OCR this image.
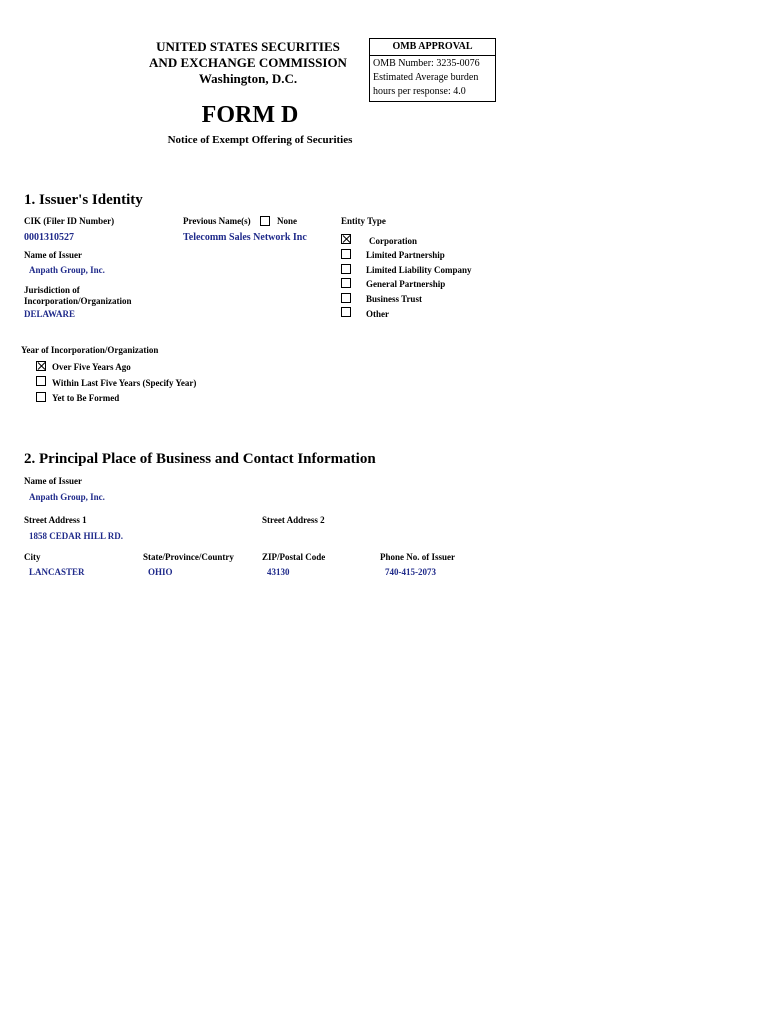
UNITED STATES SECURITIES
AND EXCHANGE COMMISSION
Washington, D.C.
OMB APPROVAL
OMB Number: 3235-0076
Estimated Average burden
hours per response: 4.0
FORM D
Notice of Exempt Offering of Securities
1. Issuer's Identity
CIK (Filer ID Number)
0001310527
Previous Name(s)	None
Telecomm Sales Network Inc
Name of Issuer
Anpath Group, Inc.
Jurisdiction of
Incorporation/Organization
DELAWARE
Entity Type
Corporation
Limited Partnership
Limited Liability Company
General Partnership
Business Trust
Other
Year of Incorporation/Organization
Over Five Years Ago
Within Last Five Years (Specify Year)
Yet to Be Formed
2. Principal Place of Business and Contact Information
Name of Issuer
Anpath Group, Inc.
Street Address 1
1858 CEDAR HILL RD.
Street Address 2
City
LANCASTER
State/Province/Country
OHIO
ZIP/Postal Code
43130
Phone No. of Issuer
740-415-2073
